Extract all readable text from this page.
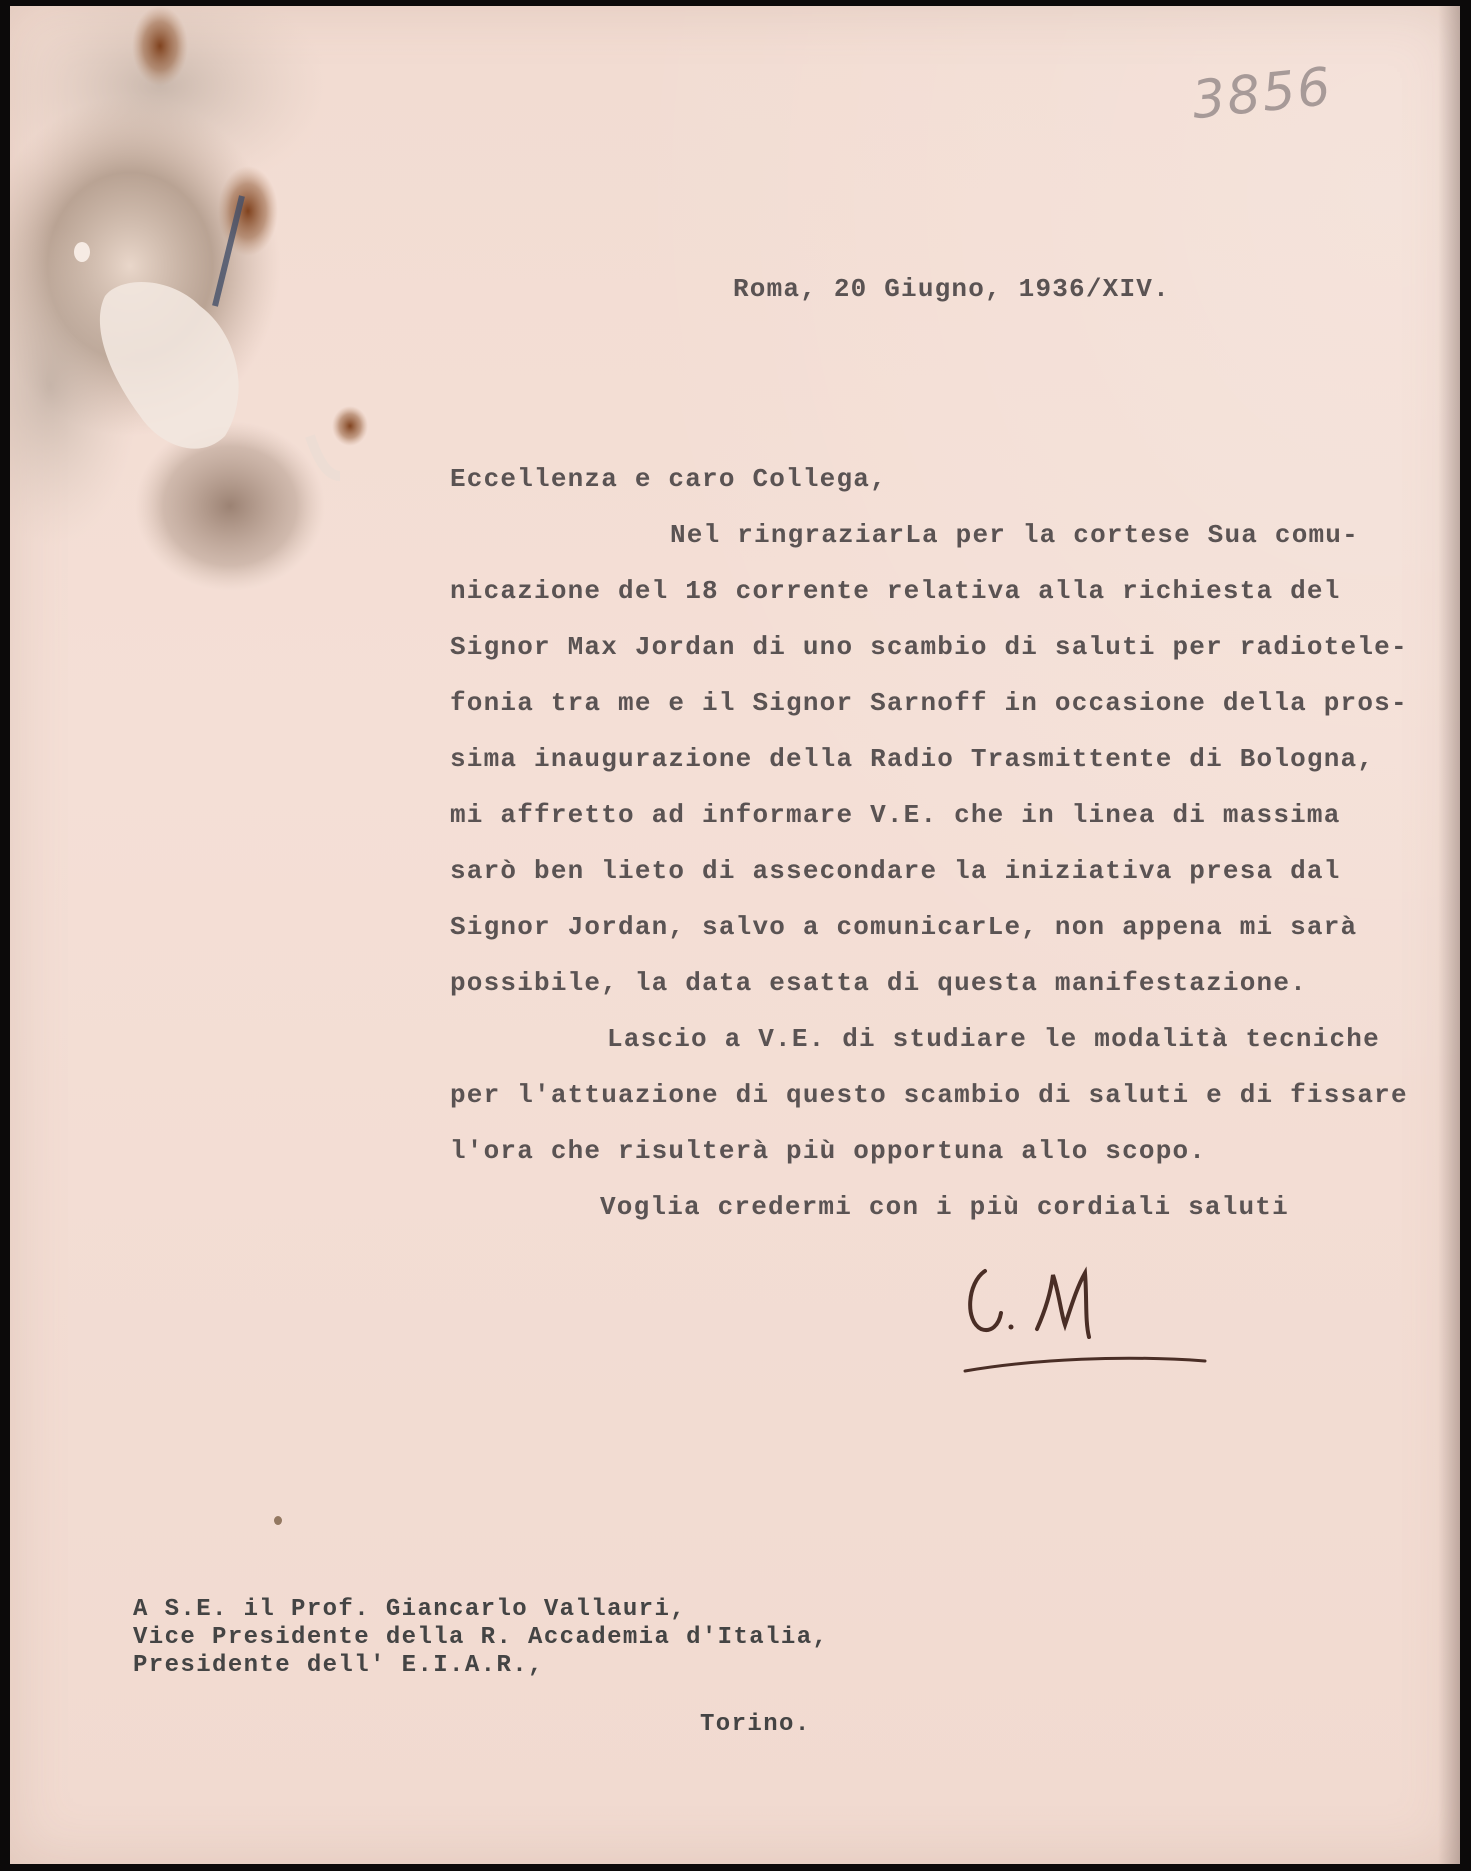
3856
Roma, 20 Giugno, 1936/XIV.
Eccellenza e caro Collega,
Nel ringraziarLa per la cortese Sua comu-
nicazione del 18 corrente relativa alla richiesta del
Signor Max Jordan di uno scambio di saluti per radiotele-
fonia tra me e il Signor Sarnoff in occasione della pros-
sima inaugurazione della Radio Trasmittente di Bologna,
mi affretto ad informare V.E. che in linea di massima
sarò ben lieto di assecondare la iniziativa presa dal
Signor Jordan, salvo a comunicarLe, non appena mi sarà
possibile, la data esatta di questa manifestazione.
Lascio a V.E. di studiare le modalità tecniche
per l'attuazione di questo scambio di saluti e di fissare
l'ora che risulterà più opportuna allo scopo.
Voglia credermi con i più cordiali saluti
A S.E. il Prof. Giancarlo Vallauri,
Vice Presidente della R. Accademia d'Italia,
Presidente dell' E.I.A.R.,
Torino.
